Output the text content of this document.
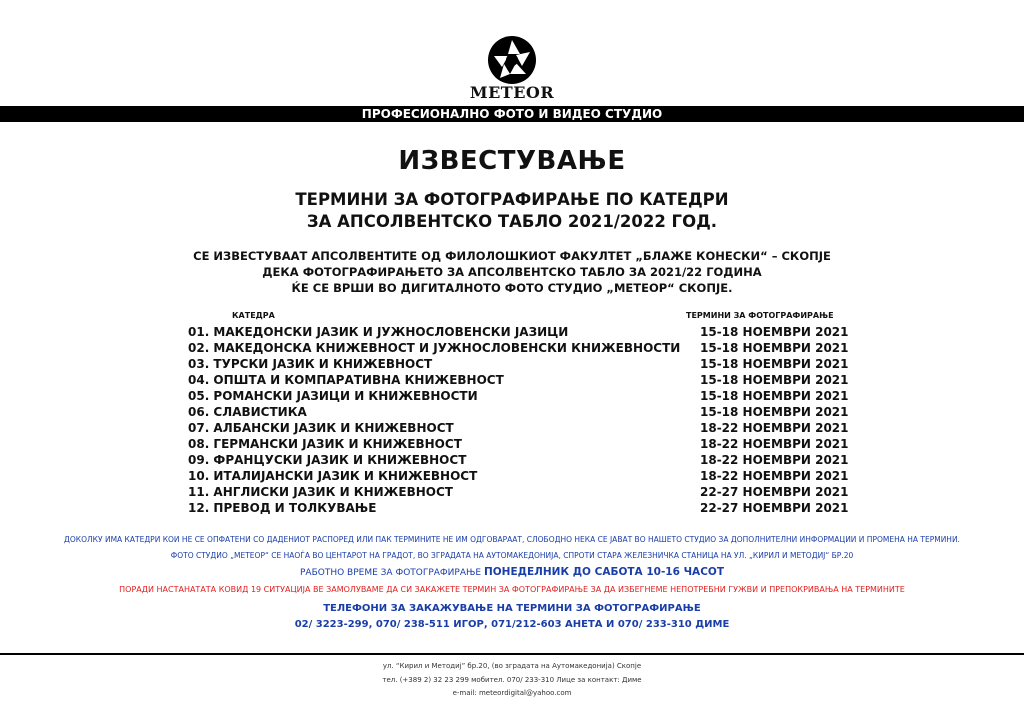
METEOR
ПРОФЕСИОНАЛНО ФОТО И ВИДЕО СТУДИО
ИЗВЕСТУВАЊЕ
ТЕРМИНИ ЗА ФОТОГРАФИРАЊЕ ПО КАТЕДРИ
ЗА АПСОЛВЕНТСКО ТАБЛО 2021/2022 ГОД.
СЕ ИЗВЕСТУВААТ АПСОЛВЕНТИТЕ ОД ФИЛОЛОШКИОТ ФАКУЛТЕТ „БЛАЖЕ КОНЕСКИ“ – СКОПЈЕ
ДЕКА ФОТОГРАФИРАЊЕТО ЗА АПСОЛВЕНТСКО ТАБЛО ЗА 2021/22 ГОДИНА
ЌЕ СЕ ВРШИ ВО ДИГИТАЛНОТО ФОТО СТУДИО „МЕТЕОР“ СКОПЈЕ.
КАТЕДРА	ТЕРМИНИ ЗА ФОТОГРАФИРАЊЕ
01. МАКЕДОНСКИ ЈАЗИК И ЈУЖНОСЛОВЕНСКИ ЈАЗИЦИ	15-18 НОЕМВРИ 2021
02. МАКЕДОНСКА КНИЖЕВНОСТ И ЈУЖНОСЛОВЕНСКИ КНИЖЕВНОСТИ 15-18 НОЕМВРИ 2021
03. ТУРСКИ ЈАЗИК И КНИЖЕВНОСТ	15-18 НОЕМВРИ 2021
04. ОПШТА И КОМПАРАТИВНА КНИЖЕВНОСТ	15-18 НОЕМВРИ 2021
05. РОМАНСКИ ЈАЗИЦИ И КНИЖЕВНОСТИ	15-18 НОЕМВРИ 2021
06. СЛАВИСТИКА	15-18 НОЕМВРИ 2021
07. АЛБАНСКИ ЈАЗИК И КНИЖЕВНОСТ	18-22 НОЕМВРИ 2021
08. ГЕРМАНСКИ ЈАЗИК И КНИЖЕВНОСТ	18-22 НОЕМВРИ 2021
09. ФРАНЦУСКИ ЈАЗИК И КНИЖЕВНОСТ	18-22 НОЕМВРИ 2021
10. ИТАЛИЈАНСКИ ЈАЗИК И КНИЖЕВНОСТ	18-22 НОЕМВРИ 2021
11. АНГЛИСКИ ЈАЗИК И КНИЖЕВНОСТ	22-27 НОЕМВРИ 2021
12. ПРЕВОД И ТОЛКУВАЊЕ	22-27 НОЕМВРИ 2021
ДОКОЛКУ ИМА КАТЕДРИ КОИ НЕ СЕ ОПФАТЕНИ СО ДАДЕНИОТ РАСПОРЕД ИЛИ ПАК ТЕРМИНИТЕ НЕ ИМ ОДГОВАРААТ, СЛОБОДНО НЕКА СЕ ЈАВАТ ВО НАШЕТО СТУДИО ЗА ДОПОЛНИТЕЛНИ ИНФОРМАЦИИ И ПРОМЕНА НА ТЕРМИНИ.
ФОТО СТУДИО „МЕТЕОР“ СЕ НАОЃА ВО ЦЕНТАРОТ НА ГРАДОТ, ВО ЗГРАДАТА НА АУТОМАКЕДОНИЈА, СПРОТИ СТАРА ЖЕЛЕЗНИЧКА СТАНИЦА НА УЛ. „КИРИЛ И МЕТОДИЈ“ БР.20
РАБОТНО ВРЕМЕ ЗА ФОТОГРАФИРАЊЕ ПОНЕДЕЛНИК ДО САБОТА 10-16 ЧАСОТ
ПОРАДИ НАСТАНАТАТА КОВИД 19 СИТУАЦИЈА ВЕ ЗАМОЛУВАМЕ ДА СИ ЗАКАЖЕТЕ ТЕРМИН ЗА ФОТОГРАФИРАЊЕ ЗА ДА ИЗБЕГНЕМЕ НЕПОТРЕБНИ ГУЖВИ И ПРЕПОКРИВАЊА НА ТЕРМИНИТЕ
ТЕЛЕФОНИ ЗА ЗАКАЖУВАЊЕ НА ТЕРМИНИ ЗА ФОТОГРАФИРАЊЕ
02/ 3223-299, 070/ 238-511 ИГОР, 071/212-603 АНЕТА И 070/ 233-310 ДИМЕ
ул. “Кирил и Методиј” бр.20, (во зградата на Аутомакедонија) Скопје
тел. (+389 2) 32 23 299 мобител. 070/ 233-310 Лице за контакт: Диме
e-mail: meteordigital@yahoo.com
